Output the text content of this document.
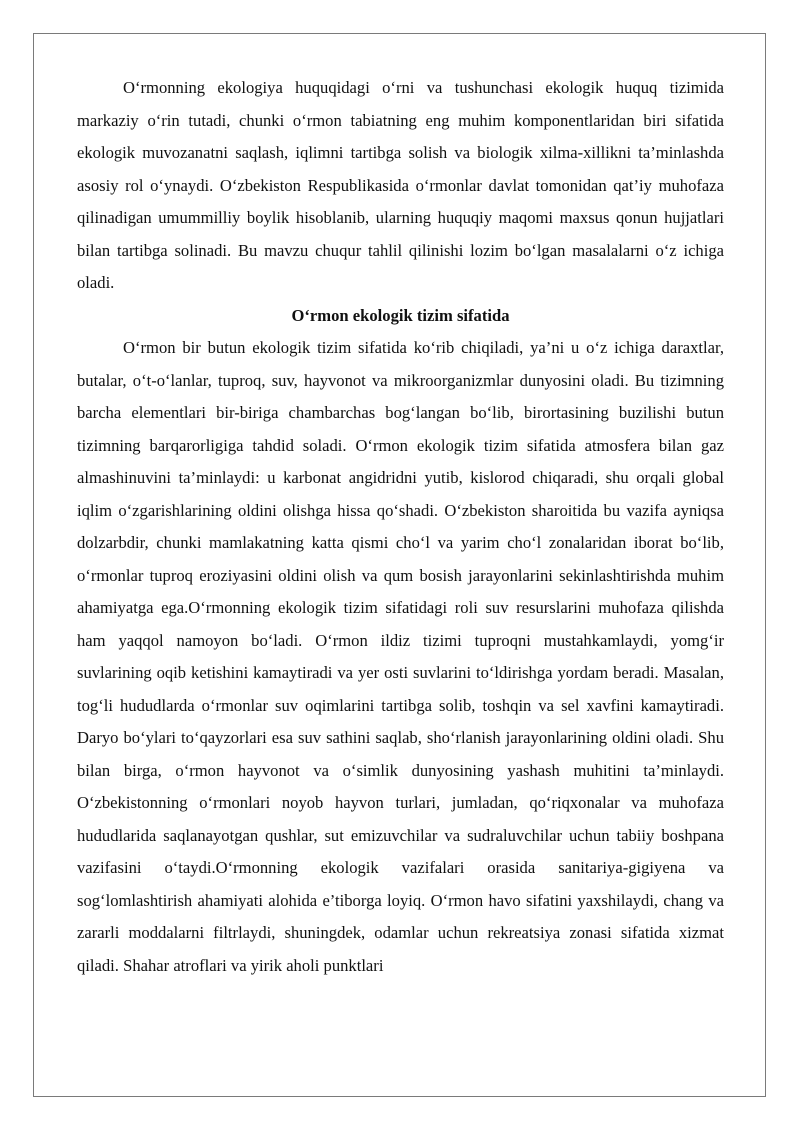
O‘rmonning ekologiya huquqidagi o‘rni va tushunchasi ekologik huquq tizimida markaziy o‘rin tutadi, chunki o‘rmon tabiatning eng muhim komponentlaridan biri sifatida ekologik muvozanatni saqlash, iqlimni tartibga solish va biologik xilma-xillikni ta’minlashda asosiy rol o‘ynaydi. O‘zbekiston Respublikasida o‘rmonlar davlat tomonidan qat’iy muhofaza qilinadigan umummilliy boylik hisoblanib, ularning huquqiy maqomi maxsus qonun hujjatlari bilan tartibga solinadi. Bu mavzu chuqur tahlil qilinishi lozim bo‘lgan masalalarni o‘z ichiga oladi.

O‘rmon ekologik tizim sifatida

O‘rmon bir butun ekologik tizim sifatida ko‘rib chiqiladi, ya’ni u o‘z ichiga daraxtlar, butalar, o‘t-o‘lanlar, tuproq, suv, hayvonot va mikroorganizmlar dunyosini oladi. Bu tizimning barcha elementlari bir-biriga chambarchas bog‘langan bo‘lib, birortasining buzilishi butun tizimning barqarorligiga tahdid soladi. O‘rmon ekologik tizim sifatida atmosfera bilan gaz almashinuvini ta’minlaydi: u karbonat angidridni yutib, kislorod chiqaradi, shu orqali global iqlim o‘zgarishlarining oldini olishga hissa qo‘shadi. O‘zbekiston sharoitida bu vazifa ayniqsa dolzarbdir, chunki mamlakatning katta qismi cho‘l va yarim cho‘l zonalaridan iborat bo‘lib, o‘rmonlar tuproq eroziyasini oldini olish va qum bosish jarayonlarini sekinlashtirishda muhim ahamiyatga ega.O‘rmonning ekologik tizim sifatidagi roli suv resurslarini muhofaza qilishda ham yaqqol namoyon bo‘ladi. O‘rmon ildiz tizimi tuproqni mustahkamlaydi, yomg‘ir suvlarining oqib ketishini kamaytiradi va yer osti suvlarini to‘ldirishga yordam beradi. Masalan, tog‘li hududlarda o‘rmonlar suv oqimlarini tartibga solib, toshqin va sel xavfini kamaytiradi. Daryo bo‘ylari to‘qayzorlari esa suv sathini saqlab, sho‘rlanish jarayonlarining oldini oladi. Shu bilan birga, o‘rmon hayvonot va o‘simlik dunyosining yashash muhitini ta’minlaydi. O‘zbekistonning o‘rmonlari noyob hayvon turlari, jumladan, qo‘riqxonalar va muhofaza hududlarida saqlanayotgan qushlar, sut emizuvchilar va sudraluvchilar uchun tabiiy boshpana vazifasini o‘taydi.O‘rmonning ekologik vazifalari orasida sanitariya-gigiyena va sog‘lomlashtirish ahamiyati alohida e’tiborga loyiq. O‘rmon havo sifatini yaxshilaydi, chang va zararli moddalarni filtrlaydi, shuningdek, odamlar uchun rekreatsiya zonasi sifatida xizmat qiladi. Shahar atroflari va yirik aholi punktlari
